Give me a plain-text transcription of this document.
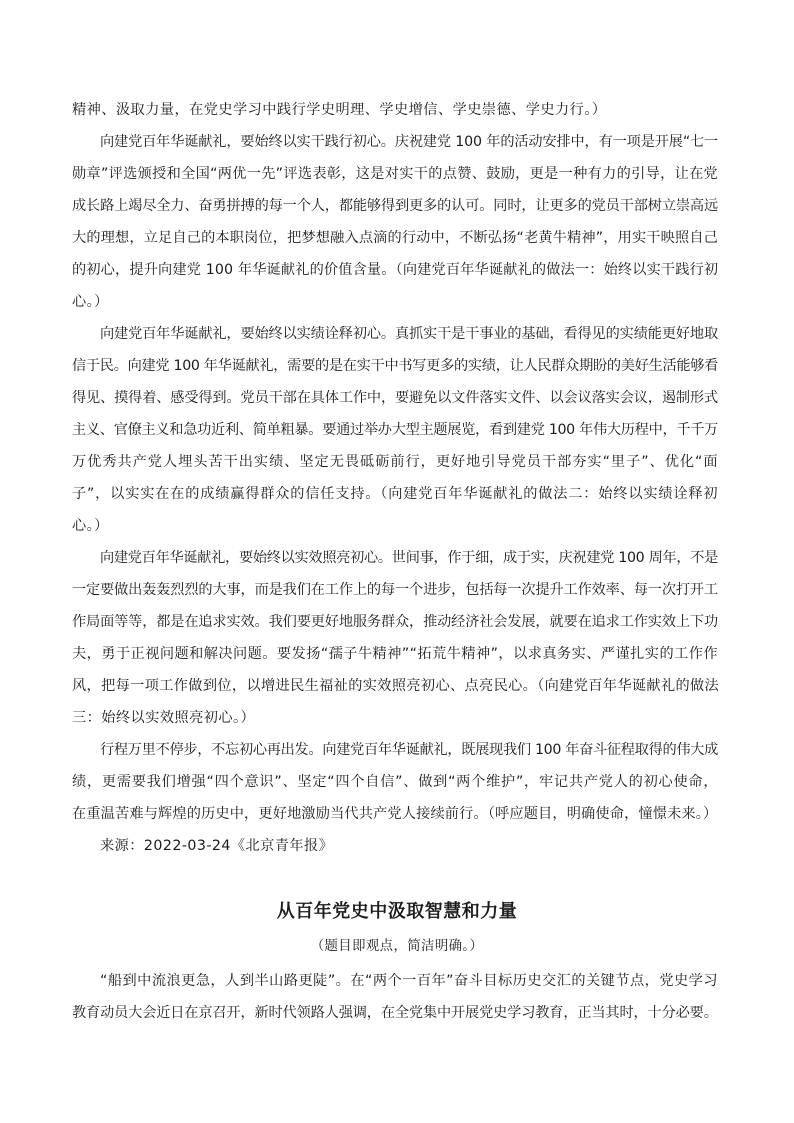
精神、汲取力量，在党史学习中践行学史明理、学史增信、学史崇德、学史力行。）
向建党百年华诞献礼，要始终以实干践行初心。庆祝建党 100 年的活动安排中，有一项是开展“七一
勋章”评选颁授和全国“两优一先”评选表彰，这是对实干的点赞、鼓励，更是一种有力的引导，让在党
成长路上竭尽全力、奋勇拼搏的每一个人，都能够得到更多的认可。同时，让更多的党员干部树立崇高远
大的理想，立足自己的本职岗位，把梦想融入点滴的行动中，不断弘扬“老黄牛精神”，用实干映照自己
的初心，提升向建党 100 年华诞献礼的价值含量。（向建党百年华诞献礼的做法一：始终以实干践行初
心。）
向建党百年华诞献礼，要始终以实绩诠释初心。真抓实干是干事业的基础，看得见的实绩能更好地取
信于民。向建党 100 年华诞献礼，需要的是在实干中书写更多的实绩，让人民群众期盼的美好生活能够看
得见、摸得着、感受得到。党员干部在具体工作中，要避免以文件落实文件、以会议落实会议，遏制形式
主义、官僚主义和急功近利、简单粗暴。要通过举办大型主题展览，看到建党 100 年伟大历程中，千千万
万优秀共产党人埋头苦干出实绩、坚定无畏砥砺前行，更好地引导党员干部夯实“里子”、优化“面
子”，以实实在在的成绩赢得群众的信任支持。（向建党百年华诞献礼的做法二：始终以实绩诠释初
心。）
向建党百年华诞献礼，要始终以实效照亮初心。世间事，作于细，成于实，庆祝建党 100 周年，不是
一定要做出轰轰烈烈的大事，而是我们在工作上的每一个进步，包括每一次提升工作效率、每一次打开工
作局面等等，都是在追求实效。我们要更好地服务群众，推动经济社会发展，就要在追求工作实效上下功
夫，勇于正视问题和解决问题。要发扬“孺子牛精神”“拓荒牛精神”，以求真务实、严谨扎实的工作作
风，把每一项工作做到位，以增进民生福祉的实效照亮初心、点亮民心。（向建党百年华诞献礼的做法
三：始终以实效照亮初心。）
行程万里不停步，不忘初心再出发。向建党百年华诞献礼，既展现我们 100 年奋斗征程取得的伟大成
绩，更需要我们增强“四个意识”、坚定“四个自信”、做到“两个维护”，牢记共产党人的初心使命，
在重温苦难与辉煌的历史中，更好地激励当代共产党人接续前行。（呼应题目，明确使命，憧憬未来。）
来源：2022-03-24《北京青年报》
从百年党史中汲取智慧和力量
（题目即观点，简洁明确。）
“船到中流浪更急，人到半山路更陡”。在“两个一百年”奋斗目标历史交汇的关键节点，党史学习
教育动员大会近日在京召开，新时代领路人强调，在全党集中开展党史学习教育，正当其时，十分必要。
